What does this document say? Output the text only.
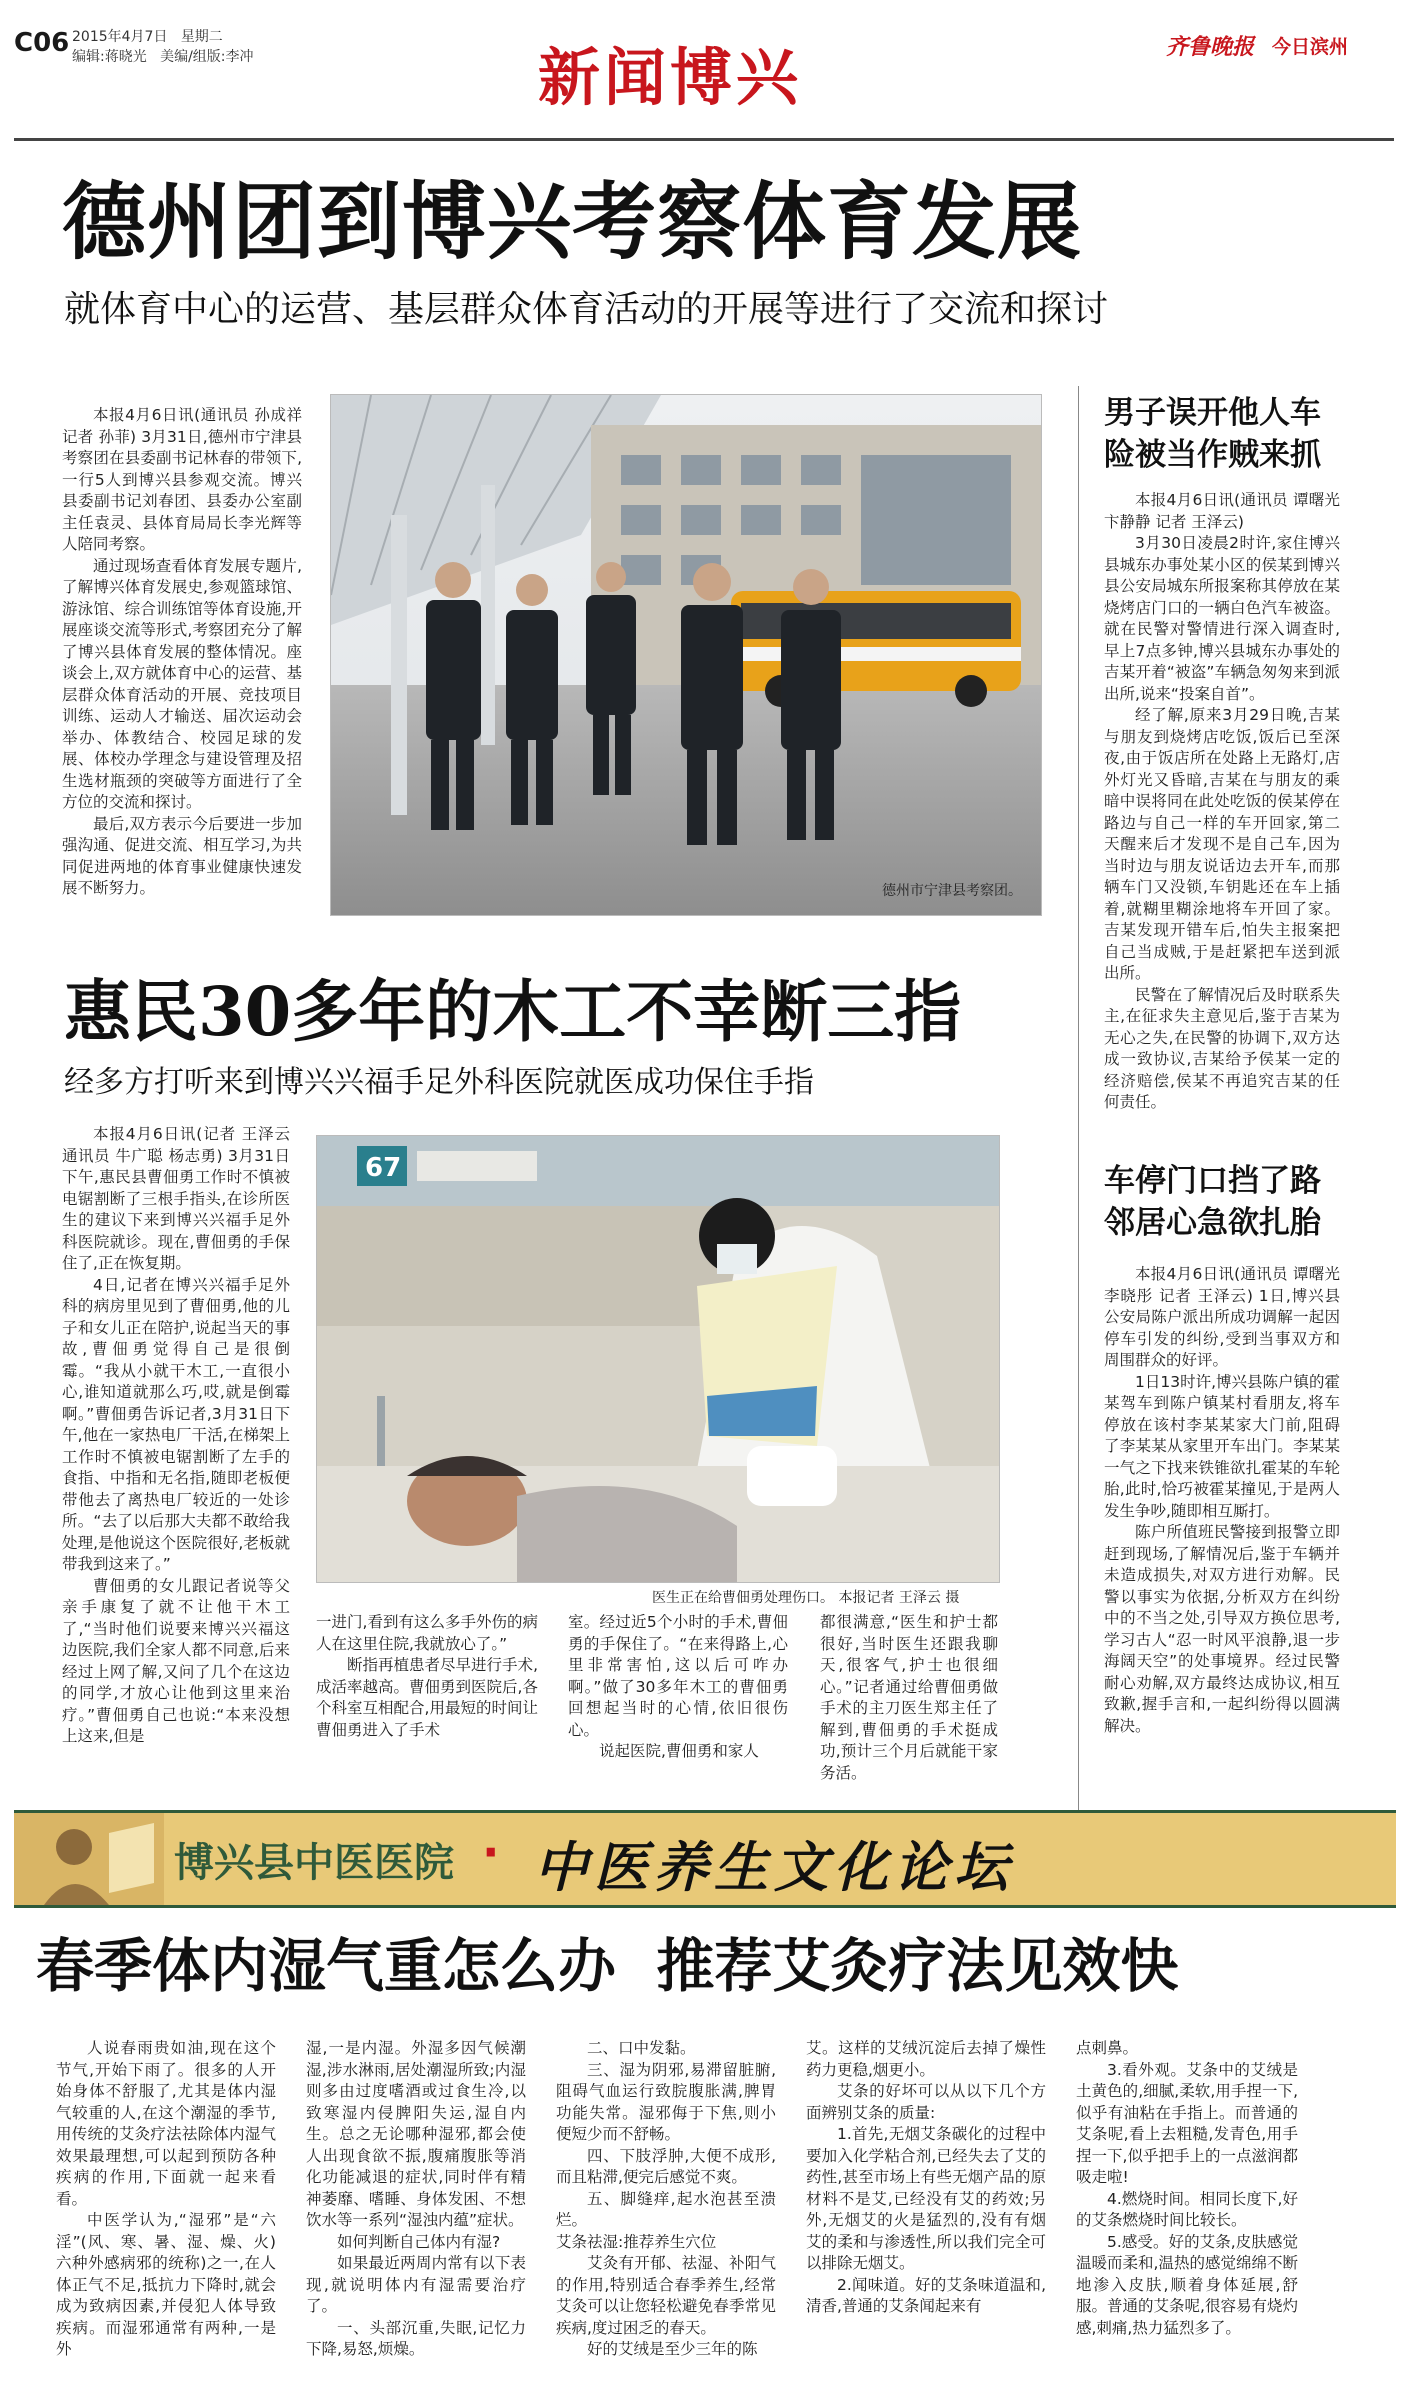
C06 2015年4月7日 星期二
编辑:蒋晓光 美编/组版:李冲	新闻博兴	齐鲁晚报 今日滨州
德州团到博兴考察体育发展
就体育中心的运营、基层群众体育活动的开展等进行了交流和探讨

本报4月6日讯(通讯员 孙成祥 记者 孙菲) 3月31日,德州市宁津县考察团在县委副书记林春的带领下,一行5人到博兴县参观交流。博兴县委副书记刘春团、县委办公室副主任袁灵、县体育局局长李光辉等人陪同考察。

通过现场查看体育发展专题片,了解博兴体育发展史,参观篮球馆、游泳馆、综合训练馆等体育设施,开展座谈交流等形式,考察团充分了解了博兴县体育发展的整体情况。座谈会上,双方就体育中心的运营、基层群众体育活动的开展、竞技项目训练、运动人才输送、届次运动会举办、体教结合、校园足球的发展、体校办学理念与建设管理及招生选材瓶颈的突破等方面进行了全方位的交流和探讨。

最后,双方表示今后要进一步加强沟通、促进交流、相互学习,为共同促进两地的体育事业健康快速发展不断努力。	德州市宁津县考察团。
惠民30多年的木工不幸断三指
经多方打听来到博兴兴福手足外科医院就医成功保住手指

本报4月6日讯(记者 王泽云 通讯员 牛广聪 杨志勇) 3月31日下午,惠民县曹佃勇工作时不慎被电锯割断了三根手指头,在诊所医生的建议下来到博兴兴福手足外科医院就诊。现在,曹佃勇的手保住了,正在恢复期。

4日,记者在博兴兴福手足外科的病房里见到了曹佃勇,他的儿子和女儿正在陪护,说起当天的事故,曹佃勇觉得自己是很倒霉。“我从小就干木工,一直很小心,谁知道就那么巧,哎,就是倒霉啊。”曹佃勇告诉记者,3月31日下午,他在一家热电厂干活,在梯架上工作时不慎被电锯割断了左手的食指、中指和无名指,随即老板便带他去了离热电厂较近的一处诊所。“去了以后那大夫都不敢给我处理,是他说这个医院很好,老板就带我到这来了。”

曹佃勇的女儿跟记者说等父亲手康复了就不让他干木工了,“当时他们说要来博兴兴福这边医院,我们全家人都不同意,后来经过上网了解,又问了几个在这边的同学,才放心让他到这里来治疗。”曹佃勇自己也说:“本来没想上这来,但是

67
医生正在给曹佃勇处理伤口。 本报记者 王泽云 摄

一进门,看到有这么多手外伤的病人在这里住院,我就放心了。”

断指再植患者尽早进行手术,成活率越高。曹佃勇到医院后,各个科室互相配合,用最短的时间让曹佃勇进入了手术

室。经过近5个小时的手术,曹佃勇的手保住了。“在来得路上,心里非常害怕,这以后可咋办啊。”做了30多年木工的曹佃勇回想起当时的心情,依旧很伤心。

说起医院,曹佃勇和家人

都很满意,“医生和护士都很好,当时医生还跟我聊天,很客气,护士也很细心。”记者通过给曹佃勇做手术的主刀医生郑主任了解到,曹佃勇的手术挺成功,预计三个月后就能干家务活。

男子误开他人车
险被当作贼来抓

本报4月6日讯(通讯员 谭曙光 卞静静 记者 王泽云)

3月30日凌晨2时许,家住博兴县城东办事处某小区的侯某到博兴县公安局城东所报案称其停放在某烧烤店门口的一辆白色汽车被盗。就在民警对警情进行深入调查时,早上7点多钟,博兴县城东办事处的吉某开着“被盗”车辆急匆匆来到派出所,说来“投案自首”。

经了解,原来3月29日晚,吉某与朋友到烧烤店吃饭,饭后已至深夜,由于饭店所在处路上无路灯,店外灯光又昏暗,吉某在与朋友的乘暗中误将同在此处吃饭的侯某停在路边与自己一样的车开回家,第二天醒来后才发现不是自己车,因为当时边与朋友说话边去开车,而那辆车门又没锁,车钥匙还在车上插着,就糊里糊涂地将车开回了家。吉某发现开错车后,怕失主报案把自己当成贼,于是赶紧把车送到派出所。

民警在了解情况后及时联系失主,在征求失主意见后,鉴于吉某为无心之失,在民警的协调下,双方达成一致协议,吉某给予侯某一定的经济赔偿,侯某不再追究吉某的任何责任。

车停门口挡了路
邻居心急欲扎胎

本报4月6日讯(通讯员 谭曙光 李晓彤 记者 王泽云) 1日,博兴县公安局陈户派出所成功调解一起因停车引发的纠纷,受到当事双方和周围群众的好评。

1日13时许,博兴县陈户镇的霍某驾车到陈户镇某村看朋友,将车停放在该村李某某家大门前,阻碍了李某某从家里开车出门。李某某一气之下找来铁锥欲扎霍某的车轮胎,此时,恰巧被霍某撞见,于是两人发生争吵,随即相互厮打。

陈户所值班民警接到报警立即赶到现场,了解情况后,鉴于车辆并未造成损失,对双方进行劝解。民警以事实为依据,分析双方在纠纷中的不当之处,引导双方换位思考,学习古人“忍一时风平浪静,退一步海阔天空”的处事境界。经过民警耐心劝解,双方最终达成协议,相互致歉,握手言和,一起纠纷得以圆满解决。

博兴县中医医院 · 中医养生文化论坛
春季体内湿气重怎么办  推荐艾灸疗法见效快

人说春雨贵如油,现在这个节气,开始下雨了。很多的人开始身体不舒服了,尤其是体内湿气较重的人,在这个潮湿的季节,用传统的艾灸疗法祛除体内湿气效果最理想,可以起到预防各种疾病的作用,下面就一起来看看。

中医学认为,“湿邪”是“六淫”(风、寒、暑、湿、燥、火)六种外感病邪的统称)之一,在人体正气不足,抵抗力下降时,就会成为致病因素,并侵犯人体导致疾病。而湿邪通常有两种,一是外

湿,一是内湿。外湿多因气候潮湿,涉水淋雨,居处潮湿所致;内湿则多由过度嗜酒或过食生冷,以致寒湿内侵脾阳失运,湿自内生。总之无论哪种湿邪,都会使人出现食欲不振,腹痛腹胀等消化功能减退的症状,同时伴有精神萎靡、嗜睡、身体发困、不想饮水等一系列“湿浊内蕴”症状。

如何判断自己体内有湿?

如果最近两周内常有以下表现,就说明体内有湿需要治疗了。

一、头部沉重,失眠,记忆力下降,易怒,烦燥。

二、口中发黏。

三、湿为阴邪,易滞留脏腑,阻碍气血运行致脘腹胀满,脾胃功能失常。湿邪侮于下焦,则小便短少而不舒畅。

四、下肢浮肿,大便不成形,而且粘滞,便完后感觉不爽。

五、脚缝痒,起水泡甚至溃烂。

艾条祛湿:推荐养生穴位

艾灸有开郁、祛湿、补阳气的作用,特别适合春季养生,经常艾灸可以让您轻松避免春季常见疾病,度过困乏的春天。

好的艾绒是至少三年的陈

艾。这样的艾绒沉淀后去掉了燥性药力更稳,烟更小。

艾条的好坏可以从以下几个方面辨别艾条的质量:

1.首先,无烟艾条碳化的过程中要加入化学粘合剂,已经失去了艾的药性,甚至市场上有些无烟产品的原材料不是艾,已经没有艾的药效;另外,无烟艾的火是猛烈的,没有有烟艾的柔和与渗透性,所以我们完全可以排除无烟艾。

2.闻味道。好的艾条味道温和,清香,普通的艾条闻起来有

点刺鼻。

3.看外观。艾条中的艾绒是土黄色的,细腻,柔软,用手捏一下,似乎有油粘在手指上。而普通的艾条呢,看上去粗糙,发青色,用手捏一下,似乎把手上的一点滋润都吸走啦!

4.燃烧时间。相同长度下,好的艾条燃烧时间比较长。

5.感受。好的艾条,皮肤感觉温暖而柔和,温热的感觉绵绵不断地渗入皮肤,顺着身体延展,舒服。普通的艾条呢,很容易有烧灼感,刺痛,热力猛烈多了。
